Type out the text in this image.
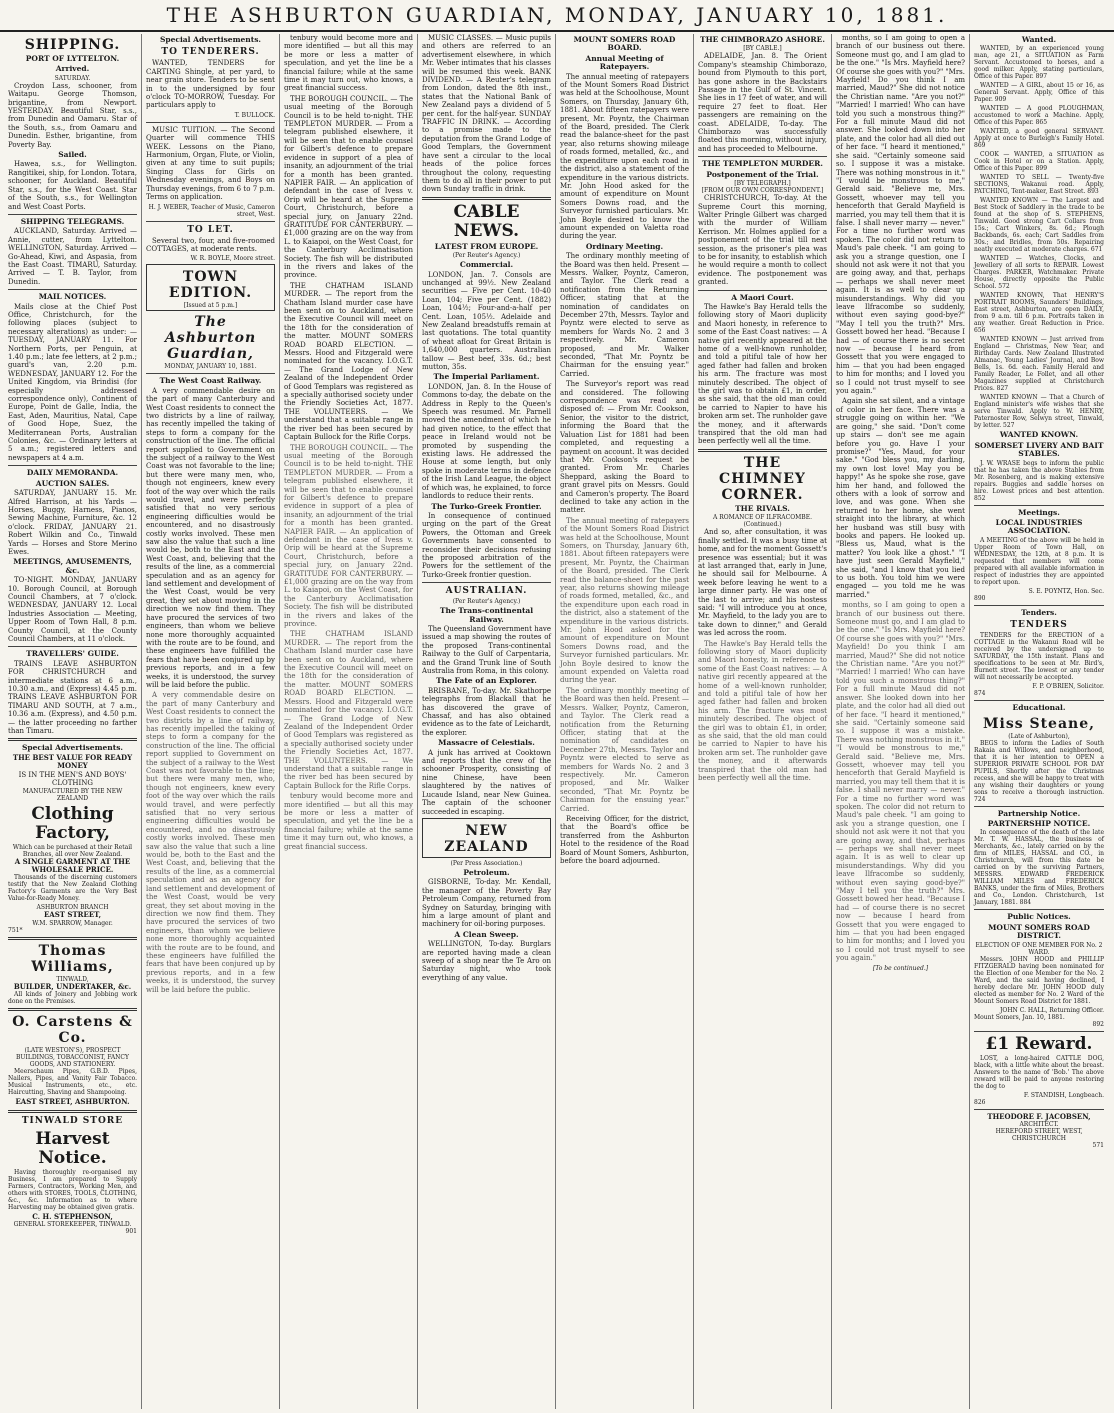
THE ASHBURTON GUARDIAN, MONDAY, JANUARY 10, 1881.
SHIPPING.
PORT OF LYTTELTON.
Arrived.
SATURDAY.

Croydon Lass, schooner, from Waitapu. George Thomson, brigantine, from Newport. YESTERDAY. Beautiful Star, s.s., from Dunedin and Oamaru. Star of the South, s.s., from Oamaru and Dunedin. Esther, brigantine, from Poverty Bay.

Sailed.

Hawea, s.s., for Wellington. Rangitikei, ship, for London. Totara, schooner, for Auckland. Beautiful Star, s.s., for the West Coast. Star of the South, s.s., for Wellington and West Coast Ports.

SHIPPING TELEGRAMS.

AUCKLAND, Saturday. Arrived — Annie, cutter, from Lyttelton. WELLINGTON, Saturday. Arrived — Go-Ahead, Kiwi, and Aspasia, from the East Coast. TIMARU, Saturday. Arrived — T. B. Taylor, from Dunedin.

MAIL NOTICES.

Mails close at the Chief Post Office, Christchurch, for the following places (subject to necessary alterations) as under: — TUESDAY, JANUARY 11. For Northern Ports, per Penguin, at 1.40 p.m.; late fee letters, at 2 p.m.; guard's van, 2.20 p.m. WEDNESDAY, JANUARY 12. For the United Kingdom, via Brindisi (for especially addressed correspondence only), Continent of Europe, Point de Galle, India, the East, Aden, Mauritius, Natal, Cape of Good Hope, Suez, the Mediterranean Ports, Australian Colonies, &c. — Ordinary letters at 5 a.m.; registered letters and newspapers at 4 a.m.

DAILY MEMORANDA.
AUCTION SALES.

SATURDAY, JANUARY 15. Mr. Alfred Harrison, at his Yards — Horses, Buggy, Harness, Pianos, Sewing Machine, Furniture, &c. 12 o'clock. FRIDAY, JANUARY 21. Robert Wilkin and Co., Tinwald Yards — Horses and Store Merino Ewes.

MEETINGS, AMUSEMENTS, &c.

TO-NIGHT. MONDAY, JANUARY 10. Borough Council, at Borough Council Chambers, at 7 o'clock. WEDNESDAY, JANUARY 12. Local Industries Association — Meeting, Upper Room of Town Hall, 8 p.m. County Council, at the County Council Chambers, at 11 o'clock.

TRAVELLERS' GUIDE.

TRAINS LEAVE ASHBURTON FOR CHRISTCHURCH and intermediate stations at 6 a.m., 10.30 a.m., and (Express) 4.45 p.m. TRAINS LEAVE ASHBURTON FOR TIMARU AND SOUTH, at 7 a.m., 10.36 a.m. (Express), and 4.50 p.m. — the latter proceeding no farther than Timaru.

Special Advertisements.
THE BEST VALUE FOR READY MONEY
IS IN THE MEN'S AND BOYS' CLOTHING
MANUFACTURED BY THE NEW ZEALAND
Clothing Factory,
Which can be purchased at their Retail Branches, all over New Zealand.
A SINGLE GARMENT AT THE WHOLESALE PRICE.

Thousands of the discerning customers testify that the New Zealand Clothing Factory's Garments are the Very Best Value-for-Ready Money.

ASHBURTON BRANCH
EAST STREET,
W.M. SPARROW, Manager.
751*
Thomas Williams,
TINWALD,
BUILDER, UNDERTAKER, &c.

All kinds of Joinery and Jobbing work done on the Premises.

O. Carstens & Co.
(LATE WESTON'S), PROSPECT BUILDINGS, TOBACCONIST, FANCY GOODS, AND STATIONERY.

Meerschaum Pipes, G.B.D. Pipes, Nailers, Pipes, and Vanity Fair Tobacco. Musical Instruments, etc., etc. Haircutting, Shaving and Shampooing.

EAST STREET, ASHBURTON.
TINWALD STORE
Harvest Notice.

Having thoroughly re-organised my Business, I am prepared to Supply Farmers, Contractors, Working Men, and others with STORES, TOOLS, CLOTHING, &c., &c. Information as to where Harvesting may be obtained given gratis.

C. H. STEPHENSON,
GENERAL STOREKEEPER, TINWALD.
901
Special Advertisements.
TO TENDERERS.

WANTED, TENDERS for CARTING Shingle, at per yard, to near grain store. Tenders to be sent in to the undersigned by four o'clock TO-MORROW, Tuesday. For particulars apply to

T. BULLOCK.

MUSIC TUITION. — The Second Quarter will commence THIS WEEK. Lessons on the Piano, Harmonium, Organ, Flute, or Violin, given at any time to suit pupils; Singing Class for Girls on Wednesday evenings, and Boys on Thursday evenings, from 6 to 7 p.m. Terms on application.

H. J. WEBER, Teacher of Music, Cameron street, West.
TO LET.

Several two, four, and five-roomed COTTAGES, at moderate rents.

W. R. BOYLE, Moore street.
TOWN EDITION.
[Issued at 5 p.m.]
The Ashburton Guardian,
MONDAY, JANUARY 10, 1881.
The West Coast Railway.

A very commendable desire on the part of many Canterbury and West Coast residents to connect the two districts by a line of railway, has recently impelled the taking of steps to form a company for the construction of the line. The official report supplied to Government on the subject of a railway to the West Coast was not favorable to the line; but there were many men, who, though not engineers, knew every foot of the way over which the rails would travel, and were perfectly satisfied that no very serious engineering difficulties would be encountered, and no disastrously costly works involved. These men saw also the value that such a line would be, both to the East and the West Coast, and, believing that the results of the line, as a commercial speculation and as an agency for land settlement and development of the West Coast, would be very great, they set about moving in the direction we now find them. They have procured the services of two engineers, than whom we believe none more thoroughly acquainted with the route are to be found, and these engineers have fulfilled the fears that have been conjured up by previous reports, and in a few weeks, it is understood, the survey will be laid before the public.

A very commendable desire on the part of many Canterbury and West Coast residents to connect the two districts by a line of railway, has recently impelled the taking of steps to form a company for the construction of the line. The official report supplied to Government on the subject of a railway to the West Coast was not favorable to the line; but there were many men, who, though not engineers, knew every foot of the way over which the rails would travel, and were perfectly satisfied that no very serious engineering difficulties would be encountered, and no disastrously costly works involved. These men saw also the value that such a line would be, both to the East and the West Coast, and, believing that the results of the line, as a commercial speculation and as an agency for land settlement and development of the West Coast, would be very great, they set about moving in the direction we now find them. They have procured the services of two engineers, than whom we believe none more thoroughly acquainted with the route are to be found, and these engineers have fulfilled the fears that have been conjured up by previous reports, and in a few weeks, it is understood, the survey will be laid before the public.

tenbury would become more and more identified — but all this may be more or less a matter of speculation, and yet the line be a financial failure; while at the same time it may turn out, who knows, a great financial success.

THE BOROUGH COUNCIL. — The usual meeting of the Borough Council is to be held to-night. THE TEMPLETON MURDER. — From a telegram published elsewhere, it will be seen that to enable counsel for Gilbert's defence to prepare evidence in support of a plea of insanity, an adjournment of the trial for a month has been granted. NAPIER FAIR. — An application of defendant in the case of Ivess v. Orip will be heard at the Supreme Court, Christchurch, before a special jury, on January 22nd. GRATITUDE FOR CANTERBURY. — £1,000 grazing are on the way from L. to Kaiapoi, on the West Coast, for the Canterbury Acclimatisation Society. The fish will be distributed in the rivers and lakes of the province.

THE CHATHAM ISLAND MURDER. — The report from the Chatham Island murder case have been sent on to Auckland, where the Executive Council will meet on the 18th for the consideration of the matter. MOUNT SOMERS ROAD BOARD ELECTION. — Messrs. Hood and Fitzgerald were nominated for the vacancy. I.O.G.T. — The Grand Lodge of New Zealand of the Independent Order of Good Templars was registered as a specially authorised society under the Friendly Societies Act, 1877. THE VOLUNTEERS. — We understand that a suitable range in the river bed has been secured by Captain Bullock for the Rifle Corps.

THE BOROUGH COUNCIL. — The usual meeting of the Borough Council is to be held to-night. THE TEMPLETON MURDER. — From a telegram published elsewhere, it will be seen that to enable counsel for Gilbert's defence to prepare evidence in support of a plea of insanity, an adjournment of the trial for a month has been granted. NAPIER FAIR. — An application of defendant in the case of Ivess v. Orip will be heard at the Supreme Court, Christchurch, before a special jury, on January 22nd. GRATITUDE FOR CANTERBURY. — £1,000 grazing are on the way from L. to Kaiapoi, on the West Coast, for the Canterbury Acclimatisation Society. The fish will be distributed in the rivers and lakes of the province.

THE CHATHAM ISLAND MURDER. — The report from the Chatham Island murder case have been sent on to Auckland, where the Executive Council will meet on the 18th for the consideration of the matter. MOUNT SOMERS ROAD BOARD ELECTION. — Messrs. Hood and Fitzgerald were nominated for the vacancy. I.O.G.T. — The Grand Lodge of New Zealand of the Independent Order of Good Templars was registered as a specially authorised society under the Friendly Societies Act, 1877. THE VOLUNTEERS. — We understand that a suitable range in the river bed has been secured by Captain Bullock for the Rifle Corps.

tenbury would become more and more identified — but all this may be more or less a matter of speculation, and yet the line be a financial failure; while at the same time it may turn out, who knows, a great financial success.

MUSIC CLASSES. — Music pupils and others are referred to an advertisement elsewhere, in which Mr. Weber intimates that his classes will be resumed this week. BANK DIVIDEND. — A Reuter's telegram from London, dated the 8th inst., states that the National Bank of New Zealand pays a dividend of 5 per cent. for the half-year. SUNDAY TRAFFIC IN DRINK. — According to a promise made to the deputation from the Grand Lodge of Good Templars, the Government have sent a circular to the local heads of the police forces throughout the colony, requesting them to do all in their power to put down Sunday traffic in drink.

CABLE NEWS.
LATEST FROM EUROPE.
(Per Reuter's Agency.)
Commercial.

LONDON, Jan. 7. Consols are unchanged at 99½. New Zealand securities — Five per Cent. 10-40 Loan, 104; Five per Cent. (1882) Loan, 104½; Four-and-a-half per Cent. Loan, 105½. Adelaide and New Zealand breadstuffs remain at last quotations. The total quantity of wheat afloat for Great Britain is 1,640,000 quarters. Australian tallow — Best beef, 33s. 6d.; best mutton, 35s.

The Imperial Parliament.

LONDON, Jan. 8. In the House of Commons to-day, the debate on the Address in Reply to the Queen's Speech was resumed. Mr. Parnell moved the amendment of which he had given notice, to the effect that peace in Ireland would not be promoted by suspending the existing laws. He addressed the House at some length, but only spoke in moderate terms in defence of the Irish Land League, the object of which was, he explained, to force landlords to reduce their rents.

The Turko-Greek Frontier.

In consequence of continued urging on the part of the Great Powers, the Ottoman and Greek Governments have consented to reconsider their decisions refusing the proposed arbitration of the Powers for the settlement of the Turko-Greek frontier question.

AUSTRALIAN.
(Per Reuter's Agency.)
The Trans-continental Railway.

The Queensland Government have issued a map showing the routes of the proposed Trans-continental Railway to the Gulf of Carpentaria, and the Grand Trunk line of South Australia from Roma, in this colony.

The Fate of an Explorer.

BRISBANE, To-day. Mr. Skathorpe telegraphs from Blackall that he has discovered the grave of Chassaf, and has also obtained evidence as to the fate of Leichardt, the explorer.

Massacre of Celestials.

A junk has arrived at Cooktown and reports that the crew of the schooner Prosperity, consisting of nine Chinese, have been slaughtered by the natives of Lucaude Island, near New Guinea. The captain of the schooner succeeded in escaping.

NEW ZEALAND
(Per Press Association.)
Petroleum.

GISBORNE, To-day. Mr. Kendall, the manager of the Poverty Bay Petroleum Company, returned from Sydney on Saturday, bringing with him a large amount of plant and machinery for oil-boring purposes.

A Clean Sweep.

WELLINGTON, To-day. Burglars are reported having made a clean sweep of a shop near the Te Aro on Saturday night, who took everything of any value.

MOUNT SOMERS ROAD BOARD.
Annual Meeting of Ratepayers.

The annual meeting of ratepayers of the Mount Somers Road District was held at the Schoolhouse, Mount Somers, on Thursday, January 6th, 1881. About fifteen ratepayers were present, Mr. Poyntz, the Chairman of the Board, presided. The Clerk read the balance-sheet for the past year, also returns showing mileage of roads formed, metalled, &c., and the expenditure upon each road in the district, also a statement of the expenditure in the various districts. Mr. John Hood asked for the amount of expenditure on Mount Somers Downs road, and the Surveyor furnished particulars. Mr. John Boyle desired to know the amount expended on Valetta road during the year.

Ordinary Meeting.

The ordinary monthly meeting of the Board was then held. Present — Messrs. Walker, Poyntz, Cameron, and Taylor. The Clerk read a notification from the Returning Officer, stating that at the nomination of candidates on December 27th, Messrs. Taylor and Poyntz were elected to serve as members for Wards No. 2 and 3 respectively. Mr. Cameron proposed, and Mr. Walker seconded, "That Mr. Poyntz be Chairman for the ensuing year." Carried.

The Surveyor's report was read and considered. The following correspondence was read and disposed of: — From Mr. Cookson, Senior, the visitor to the district, informing the Board that the Valuation List for 1881 had been completed, and requesting a payment on account. It was decided that Mr. Cookson's request be granted. From Mr. Charles Sheppard, asking the Board to grant gravel pits on Messrs. Gould and Cameron's property. The Board declined to take any action in the matter.

The annual meeting of ratepayers of the Mount Somers Road District was held at the Schoolhouse, Mount Somers, on Thursday, January 6th, 1881. About fifteen ratepayers were present, Mr. Poyntz, the Chairman of the Board, presided. The Clerk read the balance-sheet for the past year, also returns showing mileage of roads formed, metalled, &c., and the expenditure upon each road in the district, also a statement of the expenditure in the various districts. Mr. John Hood asked for the amount of expenditure on Mount Somers Downs road, and the Surveyor furnished particulars. Mr. John Boyle desired to know the amount expended on Valetta road during the year.

The ordinary monthly meeting of the Board was then held. Present — Messrs. Walker, Poyntz, Cameron, and Taylor. The Clerk read a notification from the Returning Officer, stating that at the nomination of candidates on December 27th, Messrs. Taylor and Poyntz were elected to serve as members for Wards No. 2 and 3 respectively. Mr. Cameron proposed, and Mr. Walker seconded, "That Mr. Poyntz be Chairman for the ensuing year." Carried.

Receiving Officer, for the district, that the Board's office be transferred from the Ashburton Hotel to the residence of the Road Board of Mount Somers, Ashburton, before the board adjourned.

THE CHIMBORAZO ASHORE.
[BY CABLE.]

ADELAIDE, Jan. 8. The Orient Company's steamship Chimborazo, bound from Plymouth to this port, has gone ashore in the Backstairs Passage in the Gulf of St. Vincent. She lies in 17 feet of water, and will require 27 feet to float. Her passengers are remaining on the coast. ADELAIDE, To-day. The Chimborazo was successfully floated this morning, without injury, and has proceeded to Melbourne.

THE TEMPLETON MURDER.
Postponement of the Trial.
[BY TELEGRAPH.]
[FROM OUR OWN CORRESPONDENT.]

CHRISTCHURCH, To-day. At the Supreme Court this morning, Walter Pringle Gilbert was charged with the murder of William Kerrison. Mr. Holmes applied for a postponement of the trial till next session, as the prisoner's plea was to be for insanity, to establish which he would require a month to collect evidence. The postponement was granted.

A Maori Court.

The Hawke's Bay Herald tells the following story of Maori duplicity and Maori honesty, in reference to some of the East Coast natives: — A native girl recently appeared at the home of a well-known runholder, and told a pitiful tale of how her aged father had fallen and broken his arm. The fracture was most minutely described. The object of the girl was to obtain £1, in order, as she said, that the old man could be carried to Napier to have his broken arm set. The runholder gave the money, and it afterwards transpired that the old man had been perfectly well all the time.

THE CHIMNEY CORNER.
THE RIVALS.
A ROMANCE OF ILFRACOMBE. (Continued.)

And so, after consultation, it was finally settled. It was a busy time at home, and for the moment Gossett's presence was essential; but it was at last arranged that, early in June, he should sail for Melbourne. A week before leaving he went to a large dinner party. He was one of the last to arrive; and his hostess said: "I will introduce you at once, Mr. Mayfield, to the lady you are to take down to dinner," and Gerald was led across the room.

The Hawke's Bay Herald tells the following story of Maori duplicity and Maori honesty, in reference to some of the East Coast natives: — A native girl recently appeared at the home of a well-known runholder, and told a pitiful tale of how her aged father had fallen and broken his arm. The fracture was most minutely described. The object of the girl was to obtain £1, in order, as she said, that the old man could be carried to Napier to have his broken arm set. The runholder gave the money, and it afterwards transpired that the old man had been perfectly well all the time.

months, so I am going to open a branch of our business out there. Someone must go, and I am glad to be the one." "Is Mrs. Mayfield here? Of course she goes with you?" "Mrs. Mayfield! Do you think I am married, Maud?" She did not notice the Christian name. "Are you not?" "Married! I married! Who can have told you such a monstrous thing?" For a full minute Maud did not answer. She looked down into her plate, and the color had all died out of her face. "I heard it mentioned," she said. "Certainly someone said so. I suppose it was a mistake. There was nothing monstrous in it." "I would be monstrous to me," Gerald said. "Believe me, Mrs. Gossett, whoever may tell you henceforth that Gerald Mayfield is married, you may tell them that it is false. I shall never marry — never." For a time no further word was spoken. The color did not return to Maud's pale cheek. "I am going to ask you a strange question, one I should not ask were it not that you are going away, and that, perhaps — perhaps we shall never meet again. It is as well to clear up misunderstandings. Why did you leave Ilfracombe so suddenly, without even saying good-bye?" "May I tell you the truth?" Mrs. Gossett bowed her head. "Because I had — of course there is no secret now — because I heard from Gossett that you were engaged to him — that you had been engaged to him for months; and I loved you so I could not trust myself to see you again."

Again she sat silent, and a vintage of color in her face. There was a struggle going on within her. "We are going," she said. "Don't come up stairs — don't see me again before you go. Have I your promise?" "Yes, Maud, for your sake." "God bless you, my darling, my own lost love! May you be happy!" As he spoke she rose, gave him her hand, and followed the others with a look of sorrow and love, and was gone. When she returned to her home, she went straight into the library, at which her husband was still busy with books and papers. He looked up. "Bless us, Maud, what is the matter? You look like a ghost." "I have just seen Gerald Mayfield," she said, "and I know that you lied to us both. You told him we were engaged — you told me he was married."

months, so I am going to open a branch of our business out there. Someone must go, and I am glad to be the one." "Is Mrs. Mayfield here? Of course she goes with you?" "Mrs. Mayfield! Do you think I am married, Maud?" She did not notice the Christian name. "Are you not?" "Married! I married! Who can have told you such a monstrous thing?" For a full minute Maud did not answer. She looked down into her plate, and the color had all died out of her face. "I heard it mentioned," she said. "Certainly someone said so. I suppose it was a mistake. There was nothing monstrous in it." "I would be monstrous to me," Gerald said. "Believe me, Mrs. Gossett, whoever may tell you henceforth that Gerald Mayfield is married, you may tell them that it is false. I shall never marry — never." For a time no further word was spoken. The color did not return to Maud's pale cheek. "I am going to ask you a strange question, one I should not ask were it not that you are going away, and that, perhaps — perhaps we shall never meet again. It is as well to clear up misunderstandings. Why did you leave Ilfracombe so suddenly, without even saying good-bye?" "May I tell you the truth?" Mrs. Gossett bowed her head. "Because I had — of course there is no secret now — because I heard from Gossett that you were engaged to him — that you had been engaged to him for months; and I loved you so I could not trust myself to see you again."

[To be continued.]
Wanted.

WANTED, by an experienced young man, age 21, a SITUATION as Farm Servant. Accustomed to horses, and a good milker. Apply, stating particulars, Office of this Paper. 897

WANTED — A GIRL, about 15 or 16, as General Servant. Apply, Office of this Paper. 909

WANTED — A good PLOUGHMAN, accustomed to work a Machine. Apply, Office of this Paper. 865

WANTED, a good general SERVANT. Apply at once to Burleigh's Family Hotel. 869

COOK — WANTED, a SITUATION as Cook in Hotel or on a Station. Apply, Office of this Paper. 899

WANTED TO SELL — Twenty-five SECTIONS, Wakanui road. Apply, PATCHING, Tent-maker, East Street. 893

WANTED KNOWN — The Largest and Best Stock of Saddlery in the trade to be found at the shop of S. STEPHENS, Tinwald. Good strong Cart Collars from 15s.; Cart Winkers, 8s. 6d.; Plough Backbands, 6s. each; Cart Saddles from 30s.; and Bridles, from 50s. Repairing neatly executed at moderate charges. 671

WANTED — Watches, Clocks, and Jewellery of all sorts to REPAIR. Lowest Charges. PARKER, Watchmaker. Private House, directly opposite the Public School. 572

WANTED KNOWN, That HENRY'S PORTRAIT ROOMS, Saunders' Buildings, East street, Ashburton, are open DAILY, from 9 a.m. till 6 p.m. Portraits taken in any weather. Great Reduction in Price. 656

WANTED KNOWN — Just arrived from England — Christmas, New Year, and Birthday Cards. New Zealand Illustrated Almanac, Young Ladies' Journal, and Bow Bells, 1s. 6d. each. Family Herald and Family Reader, Le Follet, and all other Magazines supplied at Christchurch Prices. 827

WANTED KNOWN — That a Church of England minister's wife wishes that she serve Tinwald. Apply to W. HENRY, Paternoster Row, Selwyn street, Tinwald, by letter. 527

WANTED KNOWN.
SOMERSET LIVERY AND BAIT STABLES.

J. W. WRASE begs to inform the public that he has taken the above Stables from Mr. Rosenberg, and is making extensive repairs. Buggies and saddle horses on hire. Lowest prices and best attention. 852

Meetings.
LOCAL INDUSTRIES ASSOCIATION.

A MEETING of the above will be held in Upper Room of Town Hall, on WEDNESDAY, the 12th, at 8 p.m. It is requested that members will come prepared with all available information in respect of industries they are appointed to report upon.

S. E. POYNTZ, Hon. Sec.
890
Tenders.
TENDERS

TENDERS for the ERECTION of a COTTAGE in the Wakanui Road will be received by the undersigned up to SATURDAY, the 15th instant. Plans and specifications to be seen at Mr. Bird's, Burnett street. The lowest or any tender will not necessarily be accepted.

F. P. O'BRIEN, Solicitor.
874
Educational.
Miss Steane,
(Late of Ashburton),

BEGS to inform the Ladies of South Rakaia and Willows, and neighborhood, that it is her intention to OPEN a SUPERIOR PRIVATE SCHOOL FOR DAY PUPILS, Shortly after the Christmas recess, and she will be happy to treat with any wishing their daughters or young sons to receive a thorough instruction. 724

Partnership Notice.
PARTNERSHIP NOTICE.

In consequence of the death of the late Mr. T. W. HASSAL, the business of Merchants, &c., lately carried on by the firm of MILES, HASSAL and CO., in Christchurch, will from this date be carried on by the surviving Partners, MESSRS. EDWARD FREDERICK WILLIAM MILES and FREDERICK BANKS, under the firm of Miles, Brothers and Co., London. Christchurch, 1st January, 1881. 884

Public Notices.
MOUNT SOMERS ROAD DISTRICT.
ELECTION OF ONE MEMBER FOR No. 2 WARD.

Messrs. JOHN HOOD and PHILLIP FITZGERALD having been nominated for the Election of one Member for the No. 2 Ward, and the said having declined, I hereby declare Mr. JOHN HOOD duly elected as member for No. 2 Ward of the Mount Somers Road District for 1881.

JOHN C. HALL, Returning Officer.
Mount Somers, Jan. 10, 1881.
892
£1 Reward.

LOST, a long-haired CATTLE DOG, black, with a little white about the breast. Answers to the name of 'Bob.' The above reward will be paid to anyone restoring the dog to

F. STANDISH, Longbeach.
826
THEODORE F. JACOBSEN,
ARCHITECT.
HEREFORD STREET, WEST, CHRISTCHURCH
571
